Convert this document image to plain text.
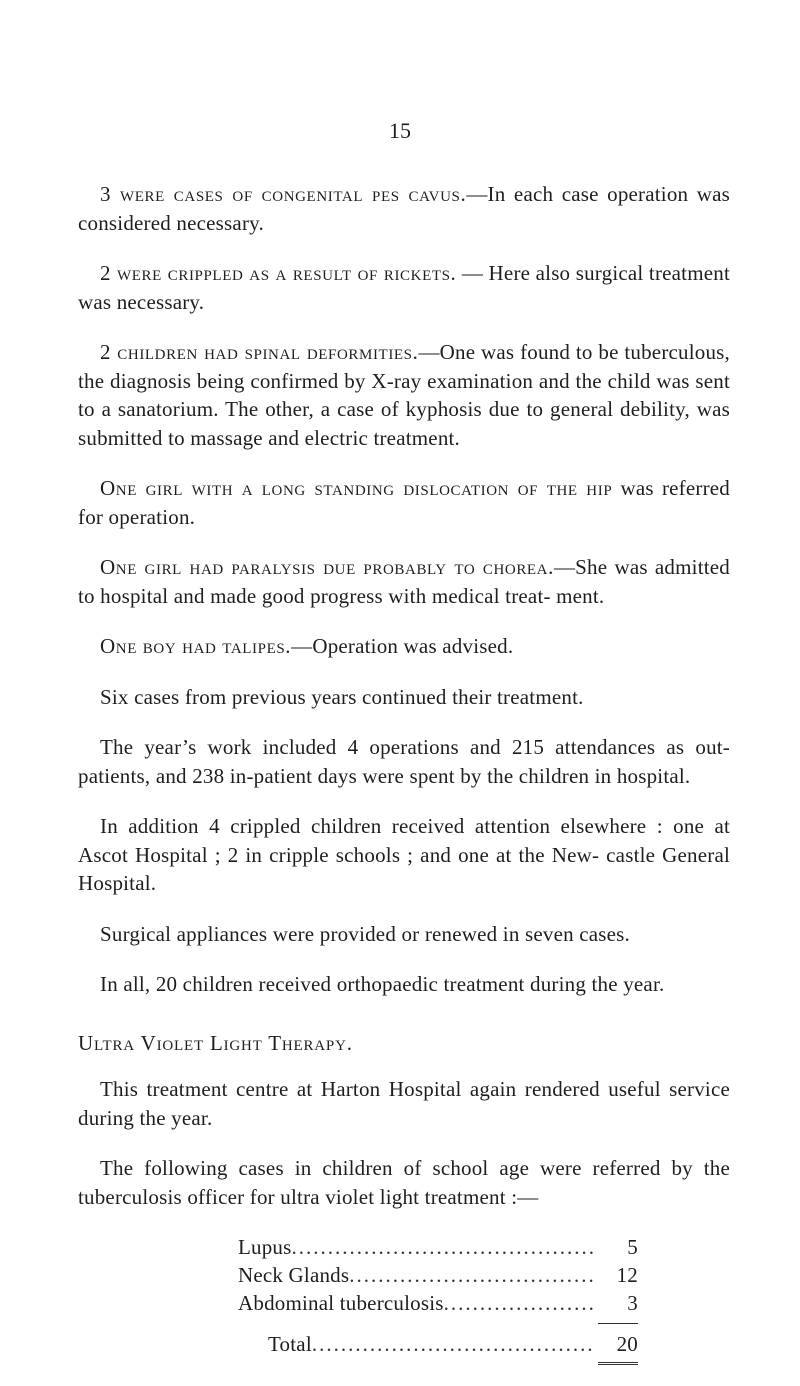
15

3 were cases of congenital pes cavus.—In each case operation was considered necessary.

2 were crippled as a result of rickets. — Here also surgical treatment was necessary.

2 children had spinal deformities.—One was found to be tuberculous, the diagnosis being confirmed by X-ray examination and the child was sent to a sanatorium. The other, a case of kyphosis due to general debility, was submitted to massage and electric treatment.

One girl with a long standing dislocation of the hip was referred for operation.

One girl had paralysis due probably to chorea.—She was admitted to hospital and made good progress with medical treat- ment.

One boy had talipes.—Operation was advised.

Six cases from previous years continued their treatment.

The year’s work included 4 operations and 215 attendances as out-patients, and 238 in-patient days were spent by the children in hospital.

In addition 4 crippled children received attention elsewhere : one at Ascot Hospital ; 2 in cripple schools ; and one at the New- castle General Hospital.

Surgical appliances were provided or renewed in seven cases.

In all, 20 children received orthopaedic treatment during the year.

Ultra Violet Light Therapy.

This treatment centre at Harton Hospital again rendered useful service during the year.

The following cases in children of school age were referred by the tuberculosis officer for ultra violet light treatment :—

Lupus .....	5
Neck Glands .....	12
Abdominal tuberculosis .....	3
Total .....	20
